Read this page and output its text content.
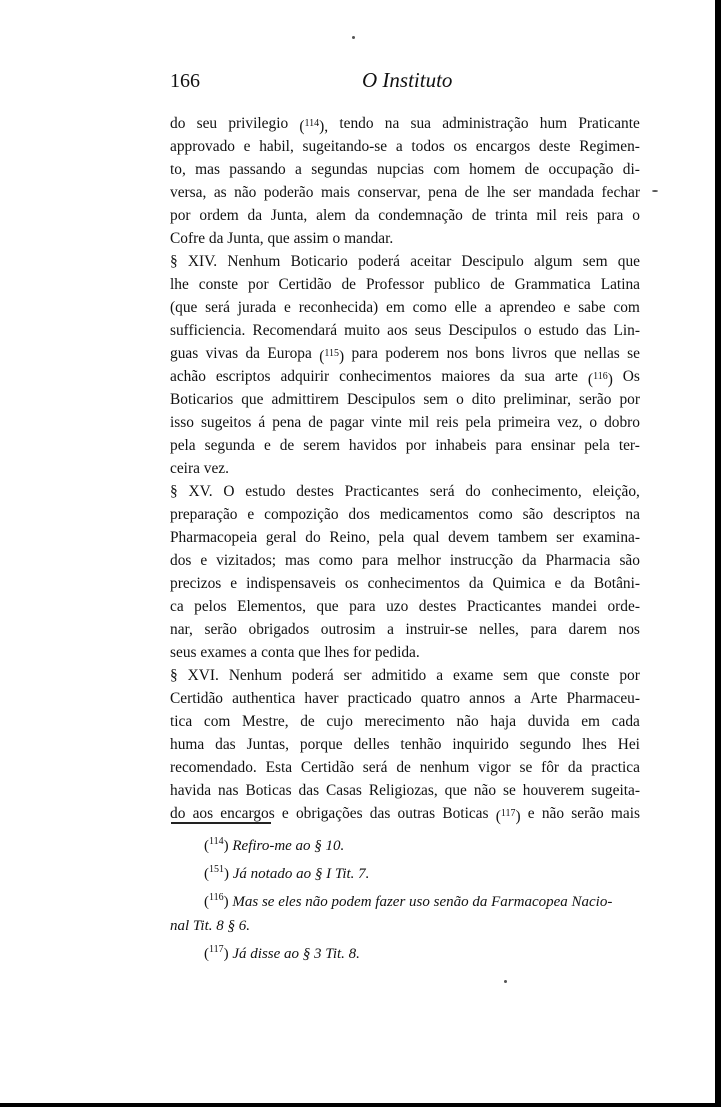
166	O Instituto
do seu privilegio ($^{114}$), tendo na sua administração hum Praticante
approvado e habil, sugeitando-se a todos os encargos deste Regimen-
to, mas passando a segundas nupcias com homem de occupação di-
versa, as não poderão mais conservar, pena de lhe ser mandada fechar
por ordem da Junta, alem da condemnação de trinta mil reis para o
Cofre da Junta, que assim o mandar.
§ XIV. Nenhum Boticario poderá aceitar Descipulo algum sem que
lhe conste por Certidão de Professor publico de Grammatica Latina
(que será jurada e reconhecida) em como elle a aprendeo e sabe com
sufficiencia. Recomendará muito aos seus Descipulos o estudo das Lin-
guas vivas da Europa ($^{115}$) para poderem nos bons livros que nellas se
achão escriptos adquirir conhecimentos maiores da sua arte ($^{116}$) Os
Boticarios que admittirem Descipulos sem o dito preliminar, serão por
isso sugeitos á pena de pagar vinte mil reis pela primeira vez, o dobro
pela segunda e de serem havidos por inhabeis para ensinar pela ter-
ceira vez.
§ XV. O estudo destes Practicantes será do conhecimento, eleição,
preparação e compozição dos medicamentos como são descriptos na
Pharmacopeia geral do Reino, pela qual devem tambem ser examina-
dos e vizitados; mas como para melhor instrucção da Pharmacia são
precizos e indispensaveis os conhecimentos da Quimica e da Botâni-
ca pelos Elementos, que para uzo destes Practicantes mandei orde-
nar, serão obrigados outrosim a instruir-se nelles, para darem nos
seus exames a conta que lhes for pedida.
§ XVI. Nenhum poderá ser admitido a exame sem que conste por
Certidão authentica haver practicado quatro annos a Arte Pharmaceu-
tica com Mestre, de cujo merecimento não haja duvida em cada
huma das Juntas, porque delles tenhão inquirido segundo lhes Hei
recomendado. Esta Certidão será de nenhum vigor se fôr da practica
havida nas Boticas das Casas Religiozas, que não se houverem sugeita-
do aos encargos e obrigações das outras Boticas ($^{117}$) e não serão mais
($^{114}$) Refiro-me ao § 10.
($^{151}$) Já notado ao § I Tit. 7.
($^{116}$) Mas se eles não podem fazer uso senão da Farmacopea Nacio-
nal Tit. 8 § 6.
($^{117}$) Já disse ao § 3 Tit. 8.
